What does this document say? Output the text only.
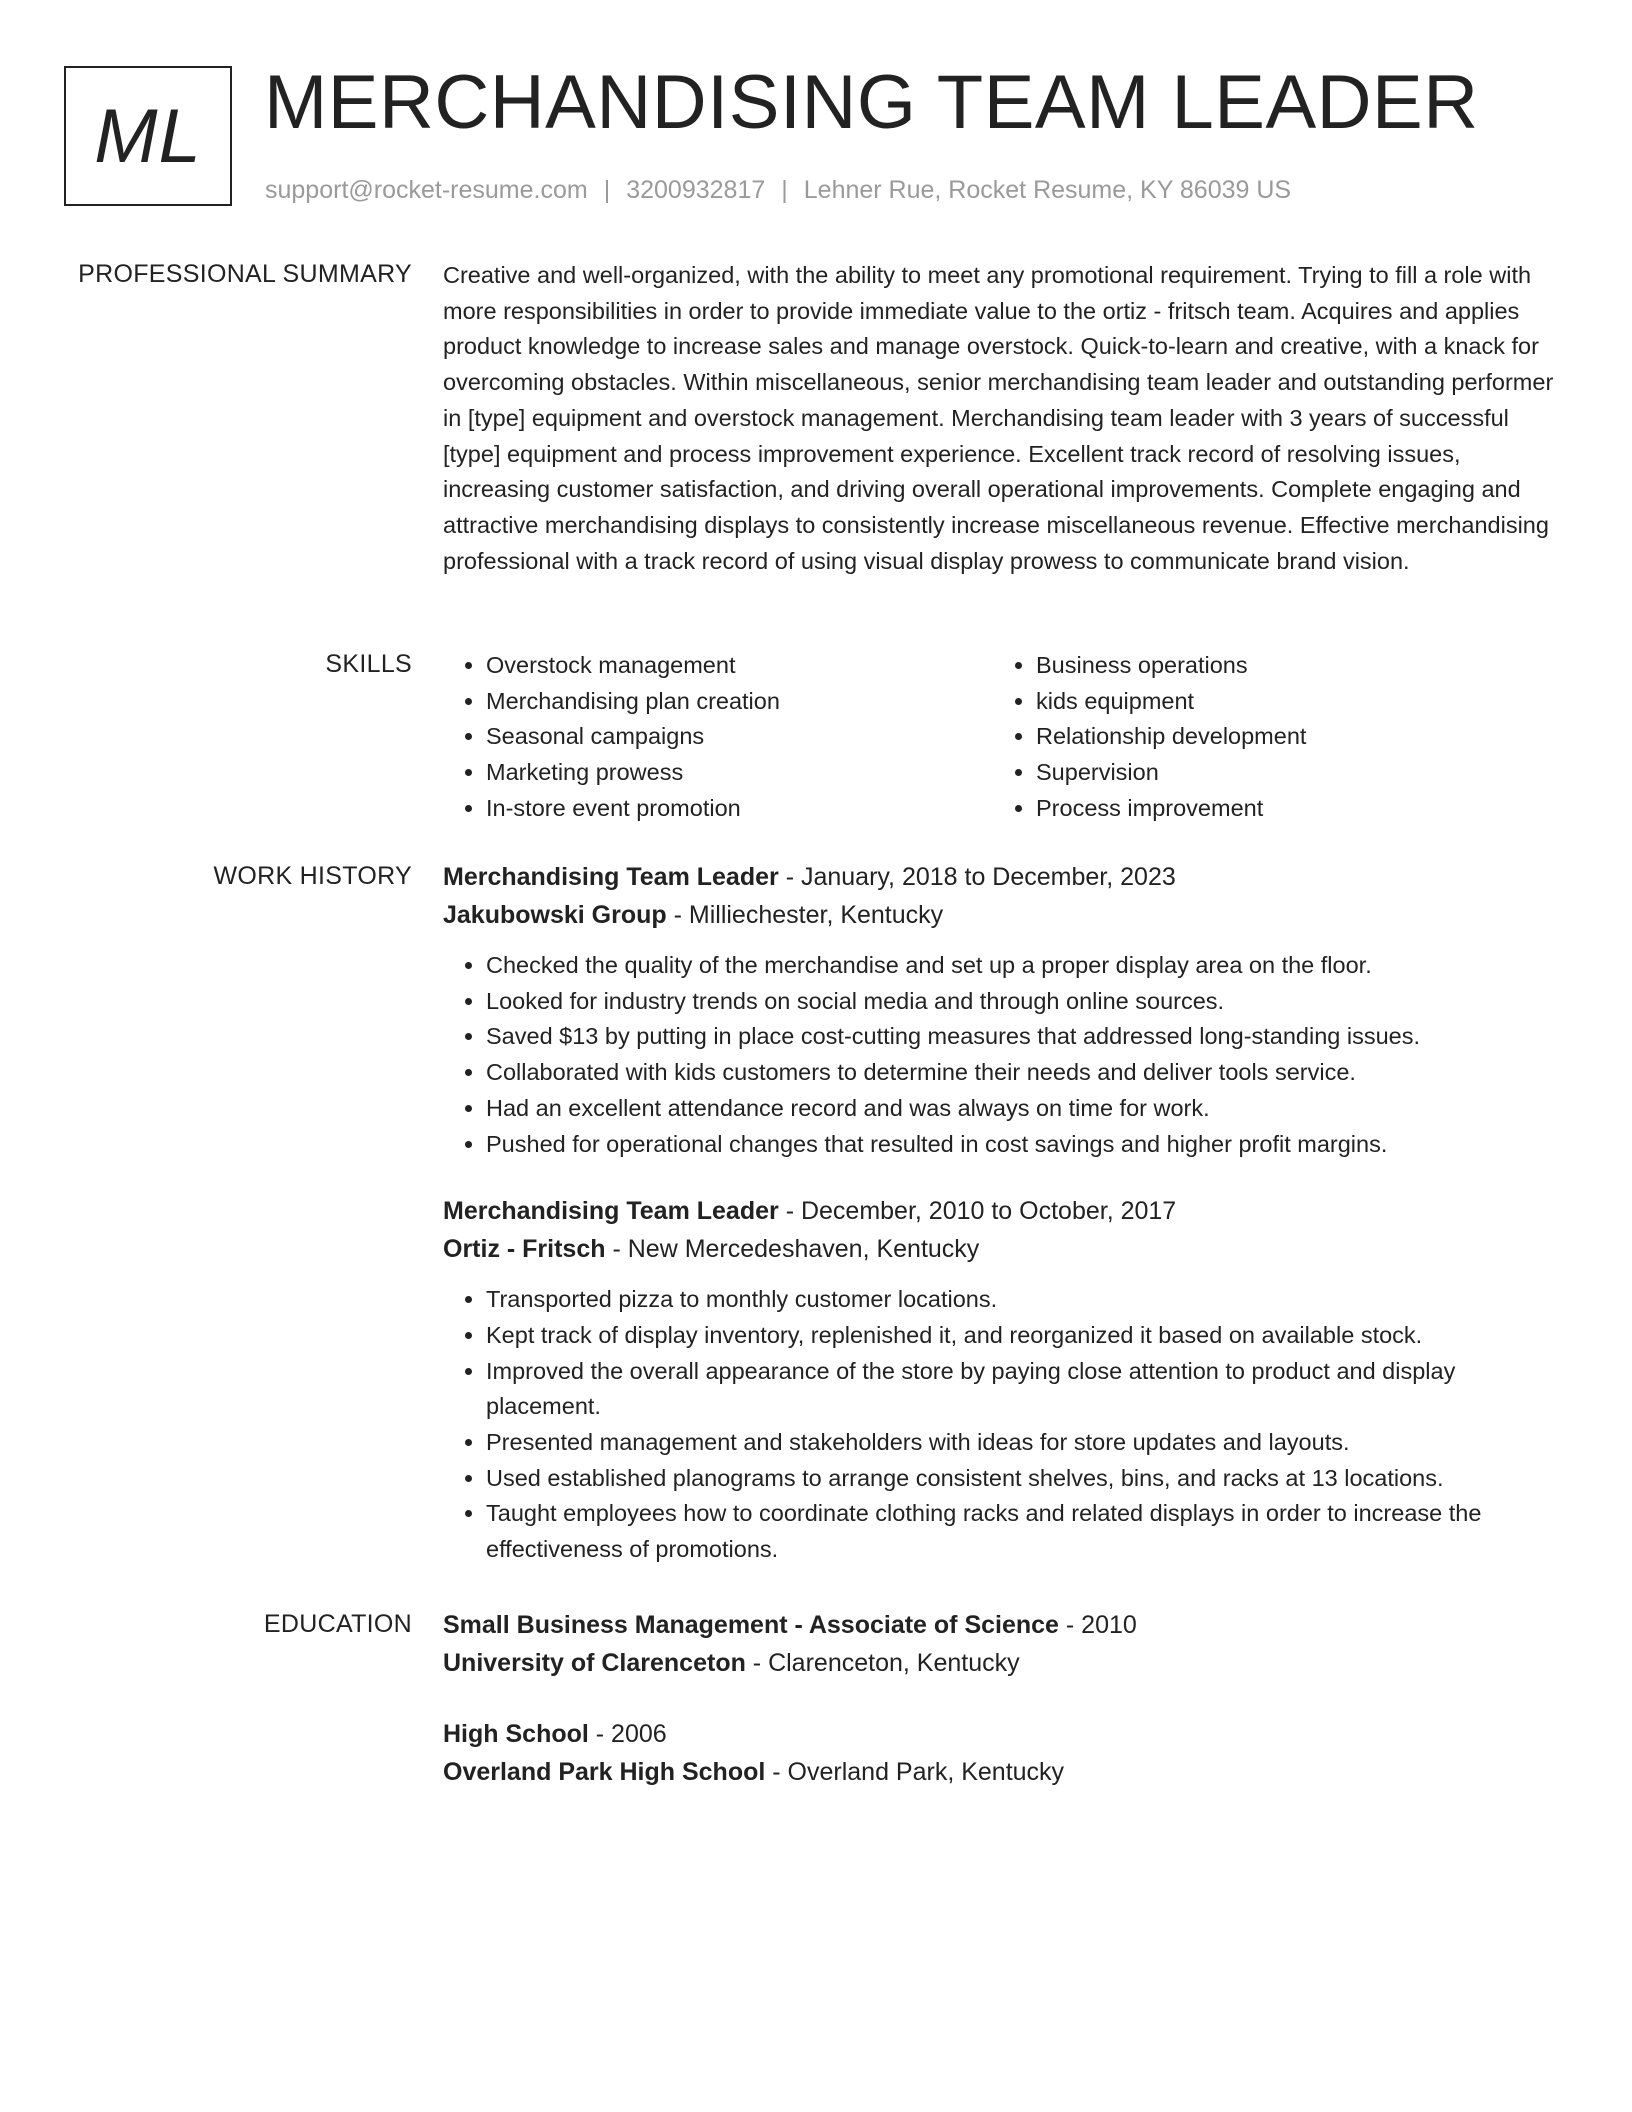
ML MERCHANDISING TEAM LEADER
support@rocket-resume.com | 3200932817 | Lehner Rue, Rocket Resume, KY 86039 US
PROFESSIONAL SUMMARY Creative and well-organized, with the ability to meet any promotional requirement. Trying to fill a role with more responsibilities in order to provide immediate value to the ortiz - fritsch team. Acquires and applies product knowledge to increase sales and manage overstock. Quick-to-learn and creative, with a knack for overcoming obstacles. Within miscellaneous, senior merchandising team leader and outstanding performer in [type] equipment and overstock management. Merchandising team leader with 3 years of successful [type] equipment and process improvement experience. Excellent track record of resolving issues, increasing customer satisfaction, and driving overall operational improvements. Complete engaging and attractive merchandising displays to consistently increase miscellaneous revenue. Effective merchandising professional with a track record of using visual display prowess to communicate brand vision.

SKILLS
•	Overstock management
• Merchandising plan creation
• Seasonal campaigns
• Marketing prowess
• In-store event promotion
• Business operations
• kids equipment
• Relationship development
• Supervision
• Process improvement
WORK HISTORY Merchandising Team Leader - January, 2018 to December, 2023
Jakubowski Group - Milliechester, Kentucky
• Checked the quality of the merchandise and set up a proper display area on the floor.
• Looked for industry trends on social media and through online sources.
• Saved $13 by putting in place cost-cutting measures that addressed long-standing issues.
• Collaborated with kids customers to determine their needs and deliver tools service.
• Had an excellent attendance record and was always on time for work.
• Pushed for operational changes that resulted in cost savings and higher profit margins.
Merchandising Team Leader - December, 2010 to October, 2017
Ortiz - Fritsch - New Mercedeshaven, Kentucky
• Transported pizza to monthly customer locations.
• Kept track of display inventory, replenished it, and reorganized it based on available stock.
• Improved the overall appearance of the store by paying close attention to product and display placement.
• Presented management and stakeholders with ideas for store updates and layouts.
• Used established planograms to arrange consistent shelves, bins, and racks at 13 locations.
• Taught employees how to coordinate clothing racks and related displays in order to increase the effectiveness of promotions.
EDUCATION Small Business Management - Associate of Science - 2010
University of Clarenceton - Clarenceton, Kentucky
High School - 2006
Overland Park High School - Overland Park, Kentucky
